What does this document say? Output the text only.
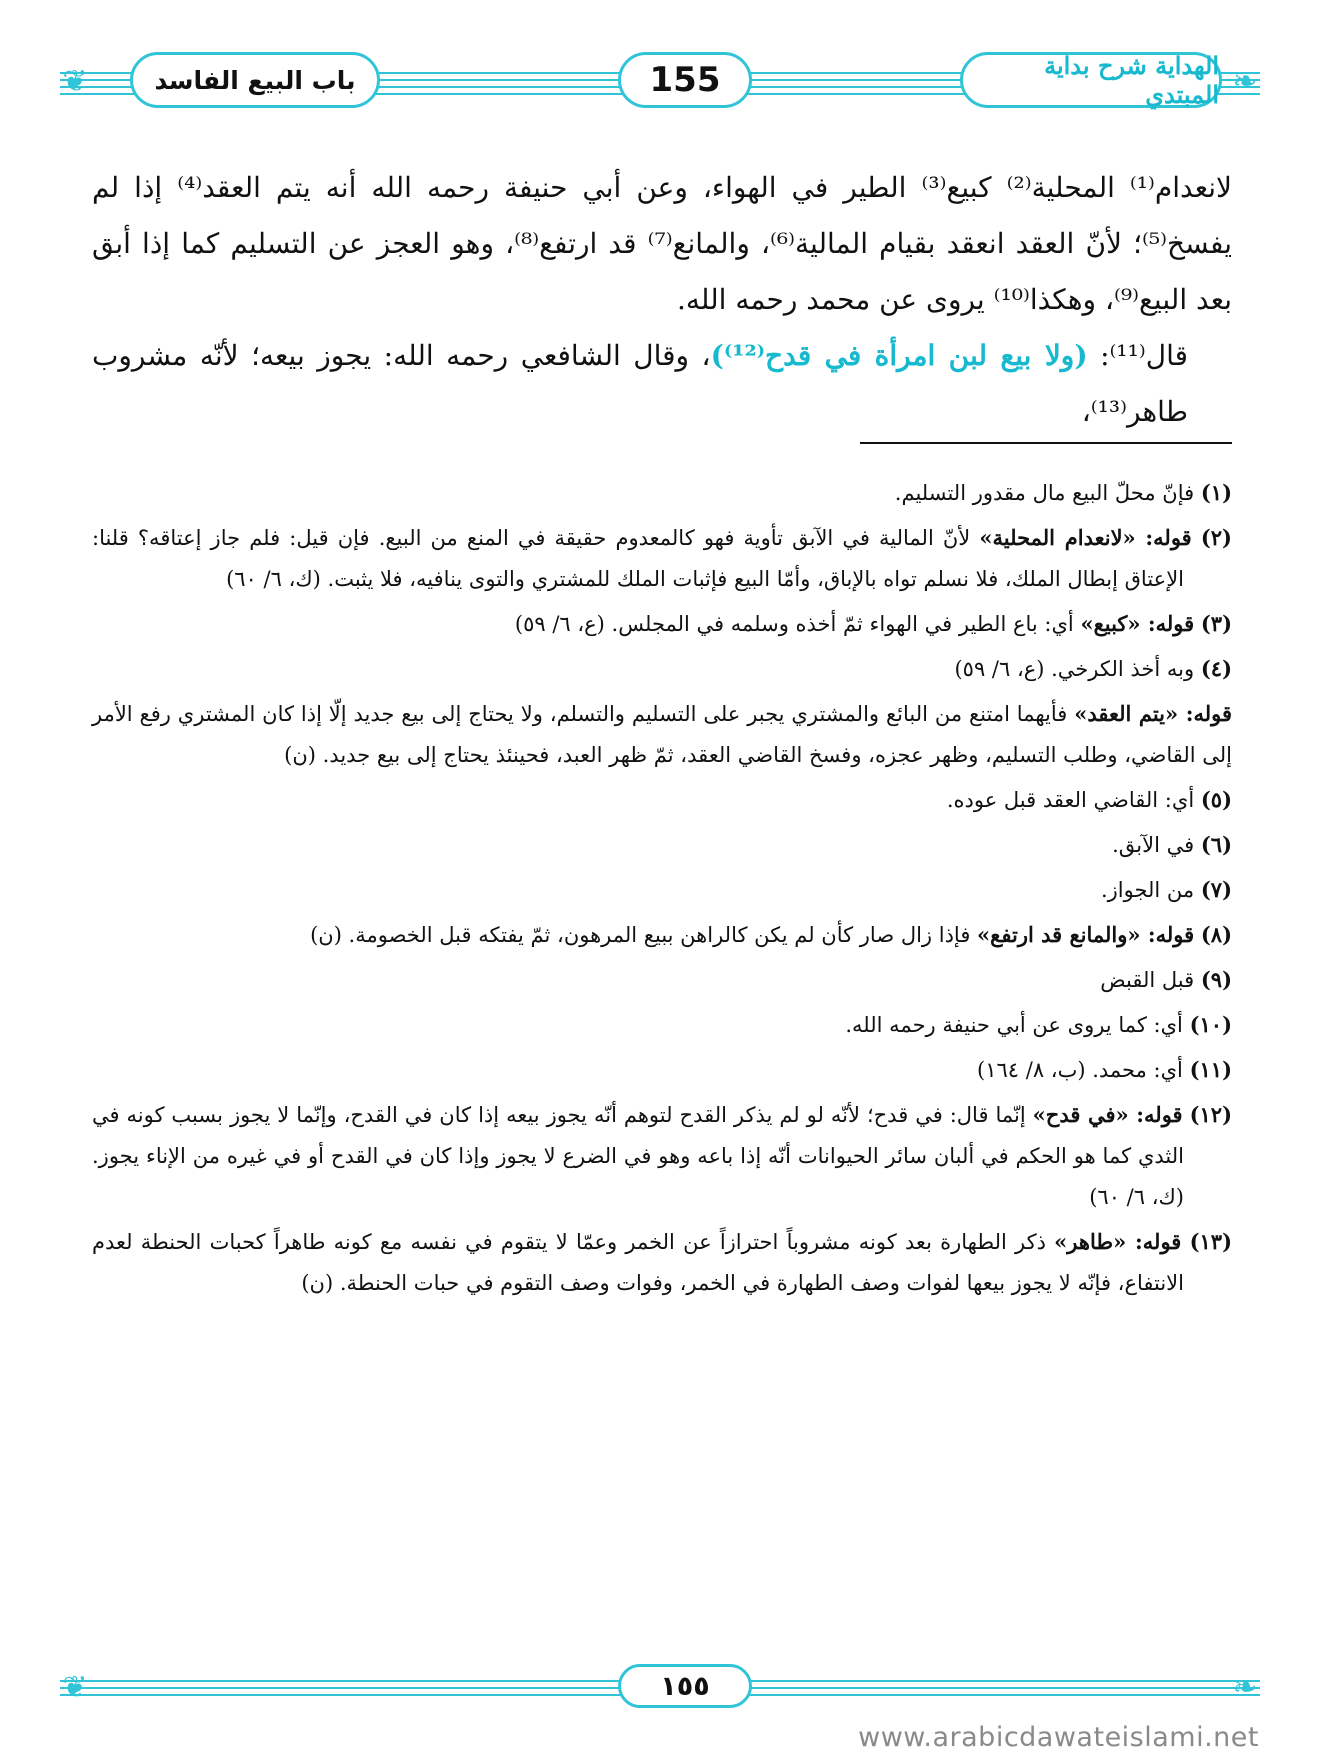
❦	❧
باب البيع الفاسد	155	الهداية شرح بداية المبتدي

لانعدام⁽¹⁾ المحلية⁽²⁾ كبيع⁽³⁾ الطير في الهواء، وعن أبي حنيفة رحمه الله أنه يتم العقد⁽⁴⁾ إذا لم يفسخ⁽⁵⁾؛ لأنّ العقد انعقد بقيام المالية⁽⁶⁾، والمانع⁽⁷⁾ قد ارتفع⁽⁸⁾، وهو العجز عن التسليم كما إذا أبق بعد البيع⁽⁹⁾، وهكذا⁽¹⁰⁾ يروى عن محمد رحمه الله.

قال⁽¹¹⁾: (ولا بيع لبن امرأة في قدح⁽¹²⁾)، وقال الشافعي رحمه الله: يجوز بيعه؛ لأنّه مشروب طاهر⁽¹³⁾،

(١) فإنّ محلّ البيع مال مقدور التسليم.

(٢) قوله: «لانعدام المحلية» لأنّ المالية في الآبق تأوية فهو كالمعدوم حقيقة في المنع من البيع. فإن قيل: فلم جاز إعتاقه؟ قلنا: الإعتاق إبطال الملك، فلا نسلم تواه بالإباق، وأمّا البيع فإثبات الملك للمشتري والتوى ينافيه، فلا يثبت. (ك، ٦/ ٦٠)

(٣) قوله: «كبيع» أي: باع الطير في الهواء ثمّ أخذه وسلمه في المجلس. (ع، ٦/ ٥٩)

(٤) وبه أخذ الكرخي. (ع، ٦/ ٥٩)

قوله: «يتم العقد» فأيهما امتنع من البائع والمشتري يجبر على التسليم والتسلم، ولا يحتاج إلى بيع جديد إلّا إذا كان المشتري رفع الأمر إلى القاضي، وطلب التسليم، وظهر عجزه، وفسخ القاضي العقد، ثمّ ظهر العبد، فحينئذ يحتاج إلى بيع جديد. (ن)

(٥) أي: القاضي العقد قبل عوده.

(٦) في الآبق.

(٧) من الجواز.

(٨) قوله: «والمانع قد ارتفع» فإذا زال صار كأن لم يكن كالراهن ببيع المرهون، ثمّ يفتكه قبل الخصومة. (ن)

(٩) قبل القبض

(١٠) أي: كما يروى عن أبي حنيفة رحمه الله.

(١١) أي: محمد. (ب، ٨/ ١٦٤)

(١٢) قوله: «في قدح» إنّما قال: في قدح؛ لأنّه لو لم يذكر القدح لتوهم أنّه يجوز بيعه إذا كان في القدح، وإنّما لا يجوز بسبب كونه في الثدي كما هو الحكم في ألبان سائر الحيوانات أنّه إذا باعه وهو في الضرع لا يجوز وإذا كان في القدح أو في غيره من الإناء يجوز. (ك، ٦/ ٦٠)

(١٣) قوله: «طاهر» ذكر الطهارة بعد كونه مشروباً احترازاً عن الخمر وعمّا لا يتقوم في نفسه مع كونه طاهراً كحبات الحنطة لعدم الانتفاع، فإنّه لا يجوز بيعها لفوات وصف الطهارة في الخمر، وفوات وصف التقوم في حبات الحنطة. (ن)

❦	❧
١٥٥
www.arabicdawateislami.net
